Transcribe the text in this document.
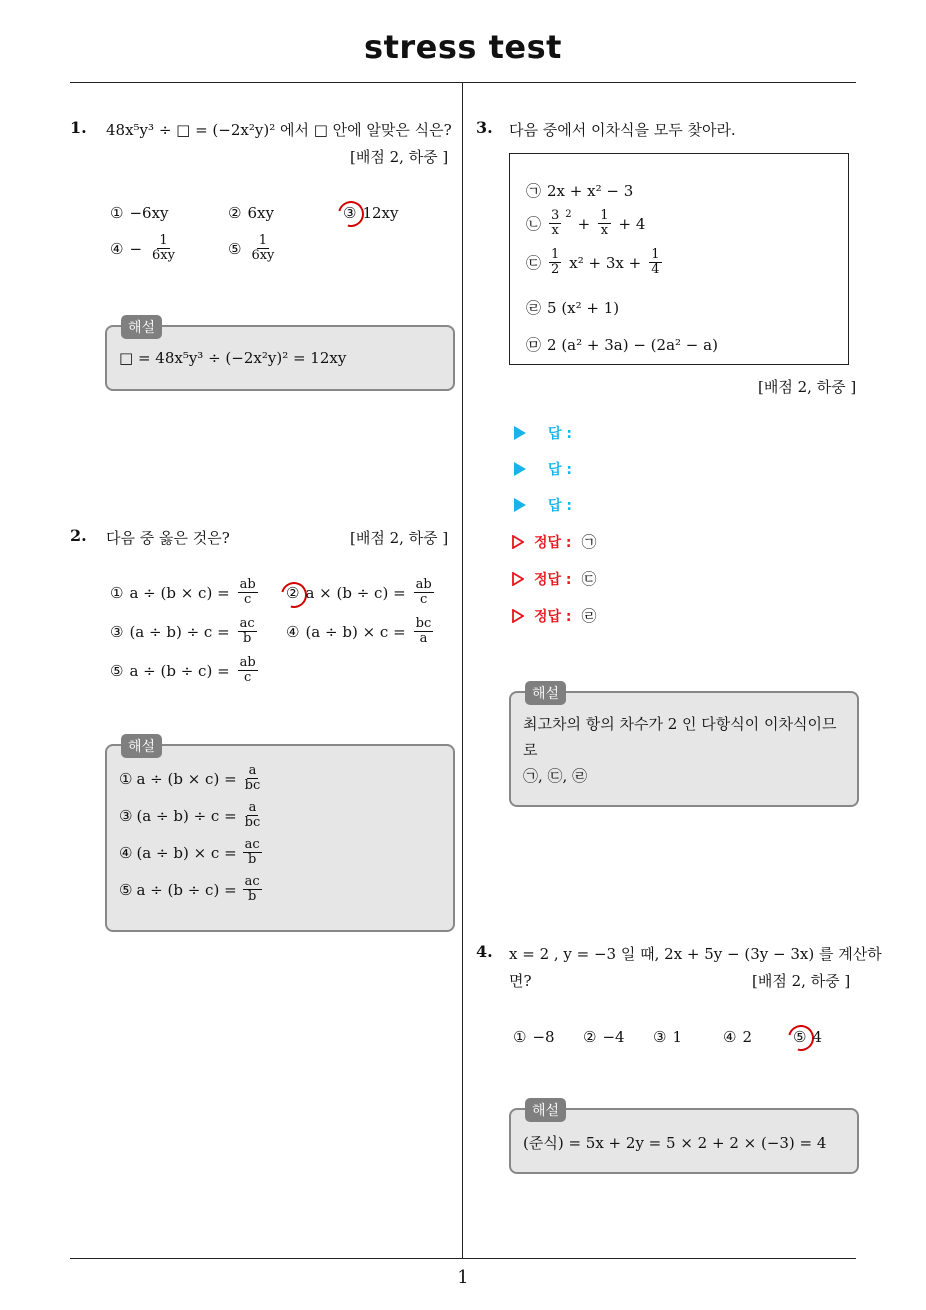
stress test
1
1. 48x⁵y³ ÷ □ = (−2x²y)² 에서 □ 안에 알맞은 식은?
[배점 2, 하중 ]
① −6xy	② 6xy	③ 12xy
④ − $\frac{1}{6xy}$	⑤ $\frac{1}{6xy}$
해설
□ = 48x⁵y³ ÷ (−2x²y)² = 12xy
2. 다음 중 옳은 것은?	[배점 2, 하중 ]
① $a \div (b \times c) = \frac{ab}{c}$ ② $a \times (b \div c) = \frac{ab}{c}$
③ $(a \div b) \div c = \frac{ac}{b}$ ④ $(a \div b) \times c = \frac{bc}{a}$
⑤ $a \div (b \div c) = \frac{ab}{c}$
해설
① $a \div (b \times c) = \frac{a}{bc}$
③ $(a \div b) \div c = \frac{a}{bc}$
④ $(a \div b) \times c = \frac{ac}{b}$
⑤ $a \div (b \div c) = \frac{ac}{b}$
3. 다음 중에서 이차식을 모두 찾아라.
㉠ 2x + x² − 3
㉡ $\frac{3}{x} ^2 + \frac{1}{x} + 4$
㉢ $\frac{1}{2} x^2 + 3x + \frac{1}{4}$
㉣ 5 (x² + 1)
㉤ 2 (a² + 3a) − (2a² − a)
[배점 2, 하중 ]
답 :
답 :
답 :
정답 : ㉠
정답 : ㉢
정답 : ㉣
해설
최고차의 항의 차수가 2 인 다항식이 이차식이므
로
㉠, ㉢, ㉣
4. x = 2 , y = −3 일 때, 2x + 5y − (3y − 3x) 를 계산하
면?	[배점 2, 하중 ]
① −8 ② −4 ③ 1	④ 2	⑤ 4
해설
(준식) = 5x + 2y = 5 × 2 + 2 × (−3) = 4
